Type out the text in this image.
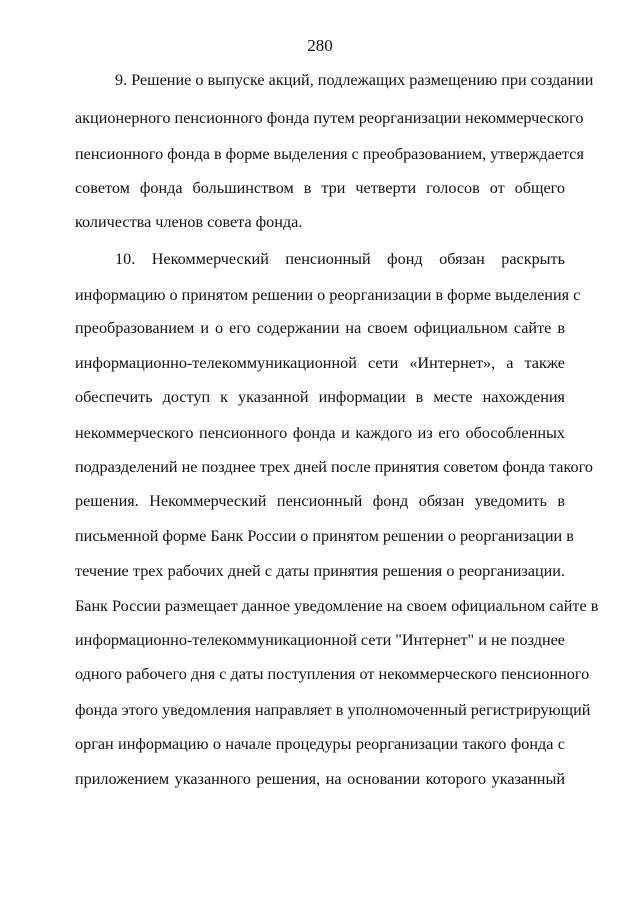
280
9. Решение о выпуске акций, подлежащих размещению при создании
акционерного пенсионного фонда путем реорганизации некоммерческого
пенсионного фонда в форме выделения с преобразованием, утверждается
советом фонда большинством в три четверти голосов от общего
количества членов совета фонда.
10. Некоммерческий пенсионный фонд обязан раскрыть
информацию о принятом решении о реорганизации в форме выделения с
преобразованием и о его содержании на своем официальном сайте в
информационно-телекоммуникационной сети «Интернет», а также
обеспечить доступ к указанной информации в месте нахождения
некоммерческого пенсионного фонда и каждого из его обособленных
подразделений не позднее трех дней после принятия советом фонда такого
решения. Некоммерческий пенсионный фонд обязан уведомить в
письменной форме Банк России о принятом решении о реорганизации в
течение трех рабочих дней с даты принятия решения о реорганизации.
Банк России размещает данное уведомление на своем официальном сайте в
информационно-телекоммуникационной сети "Интернет" и не позднее
одного рабочего дня с даты поступления от некоммерческого пенсионного
фонда этого уведомления направляет в уполномоченный регистрирующий
орган информацию о начале процедуры реорганизации такого фонда с
приложением указанного решения, на основании которого указанный
